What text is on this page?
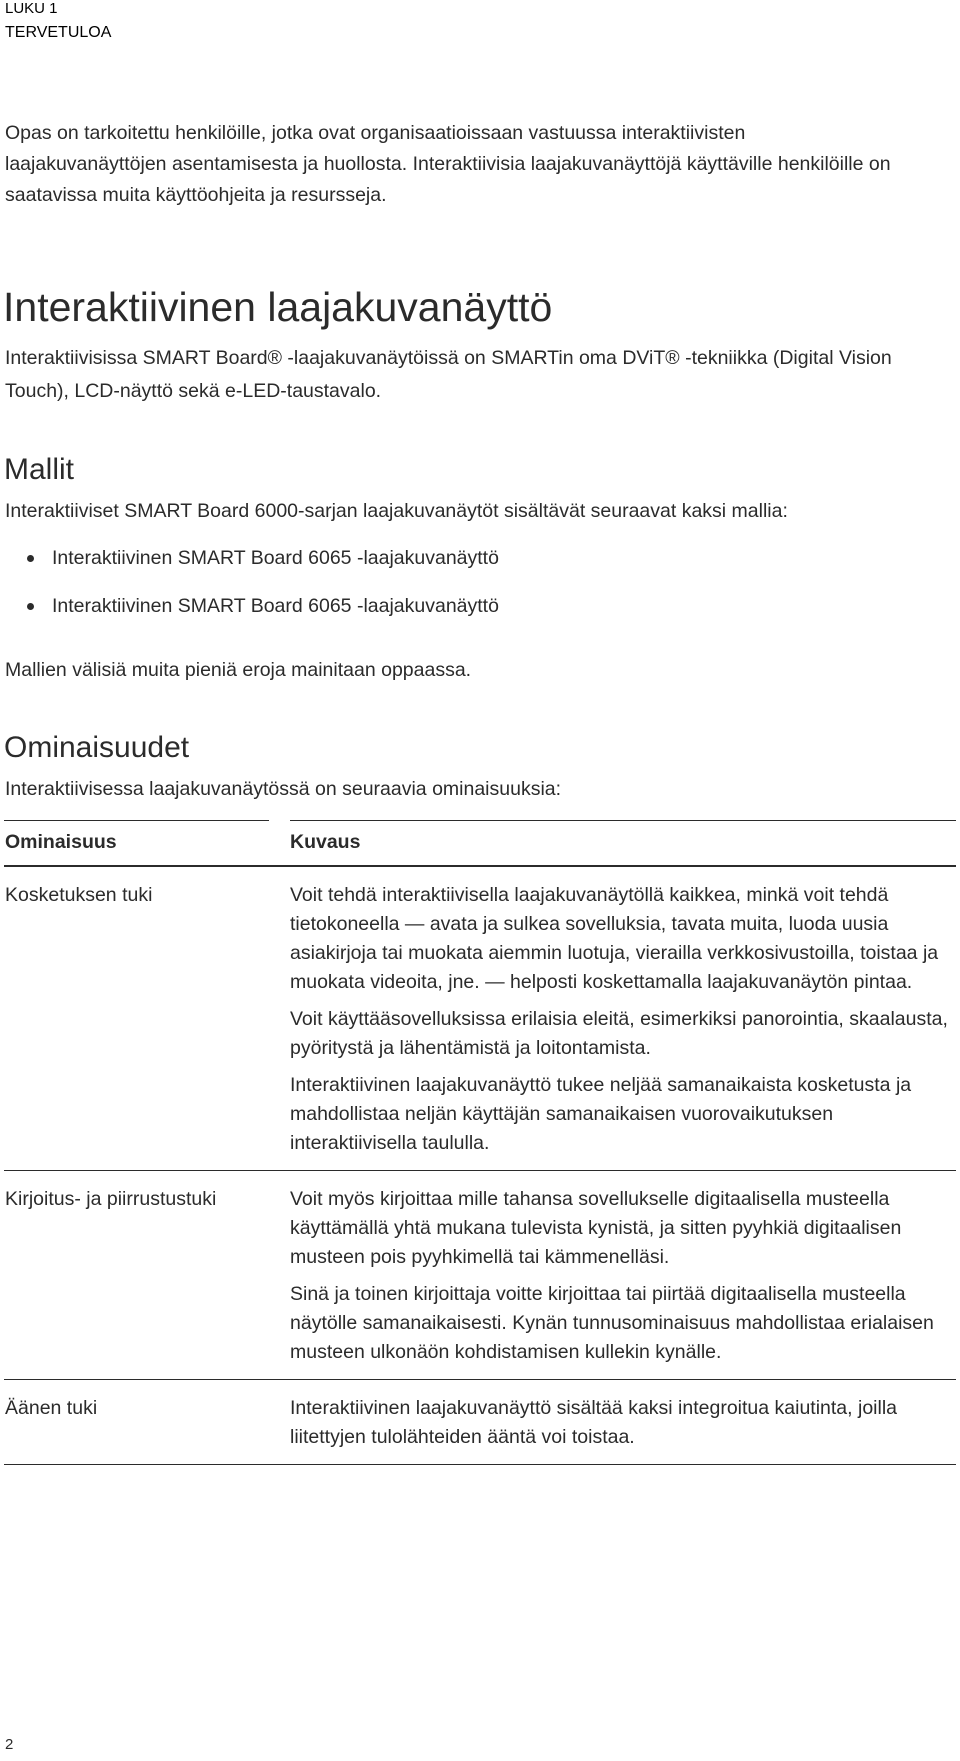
LUKU 1
TERVETULOA
Opas on tarkoitettu henkilöille, jotka ovat organisaatioissaan vastuussa interaktiivisten laajakuvanäyttöjen asentamisesta ja huollosta. Interaktiivisia laajakuvanäyttöjä käyttäville henkilöille on saatavissa muita käyttöohjeita ja resursseja.
Interaktiivinen laajakuvanäyttö
Interaktiivisissa SMART Board® -laajakuvanäytöissä on SMARTin oma DViT® -tekniikka (Digital Vision Touch), LCD-näyttö sekä e-LED-taustavalo.
Mallit
Interaktiiviset SMART Board 6000-sarjan laajakuvanäytöt sisältävät seuraavat kaksi mallia:
Interaktiivinen SMART Board 6065 -laajakuvanäyttö
Interaktiivinen SMART Board 6065 -laajakuvanäyttö
Mallien välisiä muita pieniä eroja mainitaan oppaassa.
Ominaisuudet
Interaktiivisessa laajakuvanäytössä on seuraavia ominaisuuksia:
Ominaisuus	Kuvaus
Kosketuksen tuki	Voit tehdä interaktiivisella laajakuvanäytöllä kaikkea, minkä voit tehdä tietokoneella — avata ja sulkea sovelluksia, tavata muita, luoda uusia asiakirjoja tai muokata aiemmin luotuja, vierailla verkkosivustoilla, toistaa ja muokata videoita, jne. — helposti koskettamalla laajakuvanäytön pintaa.

Voit käyttääsovelluksissa erilaisia eleitä, esimerkiksi panorointia, skaalausta, pyöritystä ja lähentämistä ja loitontamista.

Interaktiivinen laajakuvanäyttö tukee neljää samanaikaista kosketusta ja mahdollistaa neljän käyttäjän samanaikaisen vuorovaikutuksen interaktiivisella taululla.

Kirjoitus- ja piirrustustuki	Voit myös kirjoittaa mille tahansa sovellukselle digitaalisella musteella käyttämällä yhtä mukana tulevista kynistä, ja sitten pyyhkiä digitaalisen musteen pois pyyhkimellä tai kämmenelläsi.

Sinä ja toinen kirjoittaja voitte kirjoittaa tai piirtää digitaalisella musteella näytölle samanaikaisesti. Kynän tunnusominaisuus mahdollistaa erialaisen musteen ulkonäön kohdistamisen kullekin kynälle.

Äänen tuki	Interaktiivinen laajakuvanäyttö sisältää kaksi integroitua kaiutinta, joilla liitettyjen tulolähteiden ääntä voi toistaa.

2
